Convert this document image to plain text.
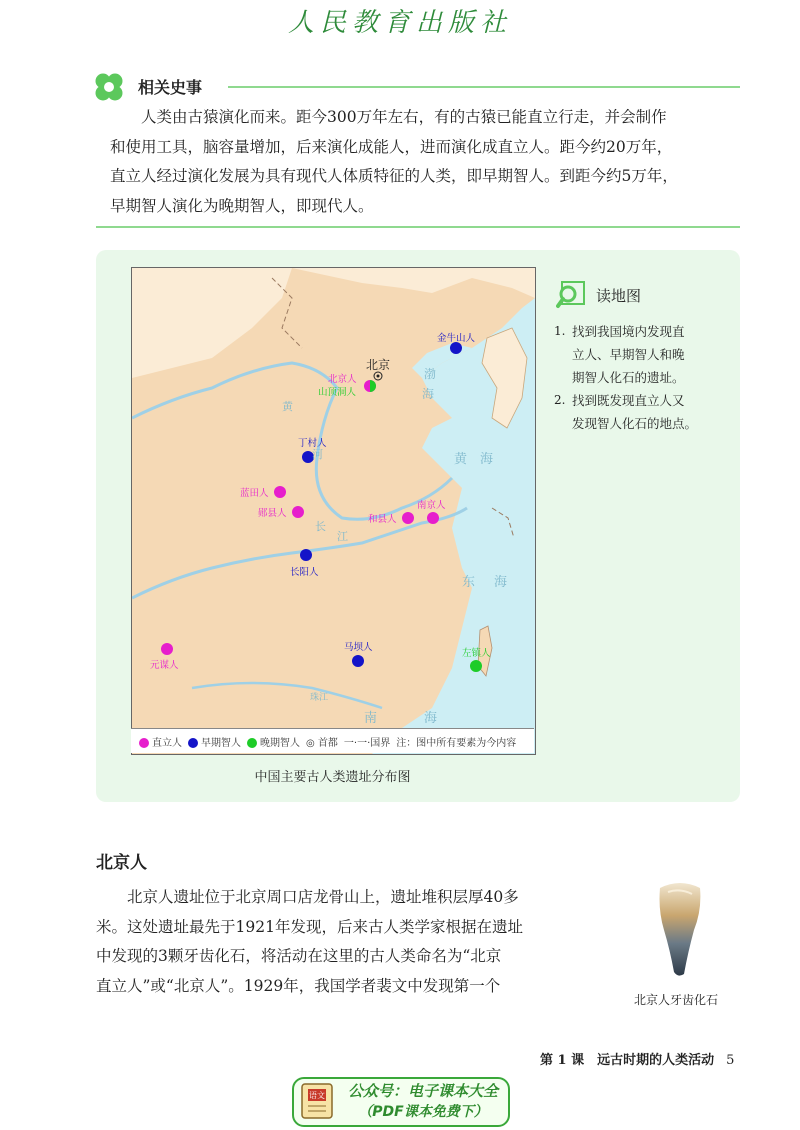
人民教育出版社
相关史事

人类由古猿演化而来。距今300万年左右，有的古猿已能直立行走，并会制作

和使用工具，脑容量增加，后来演化成能人，进而演化成直立人。距今约20万年，

直立人经过演化发展为具有现代人体质特征的人类，即早期智人。到距今约5万年，

早期智人演化为晚期智人，即现代人。

北京
金牛山人
北京人
山顶洞人
丁村人
蓝田人
郧县人
和县人
南京人
长阳人
马坝人
元谋人
左镇人
渤
海
黄 海
东 海
南	海
黄
河
长
江
珠江
直立人	早期智人	晚期智人 ◎ 首都 一·一·国界 注：图中所有要素为今内容
中国主要古人类遗址分布图
读地图
1. 找到我国境内发现直
立人、早期智人和晚
期智人化石的遗址。
2. 找到既发现直立人又
发现智人化石的地点。
北京人

北京人遗址位于北京周口店龙骨山上，遗址堆积层厚40多

米。这处遗址最先于1921年发现，后来古人类学家根据在遗址

中发现的3颗牙齿化石，将活动在这里的古人类命名为“北京

直立人”或“北京人”。1929年，我国学者裴文中发现第一个

北京人牙齿化石
第 1 课　远古时期的人类活动 5
语文	公众号：电子课本大全
（PDF课本免费下）
